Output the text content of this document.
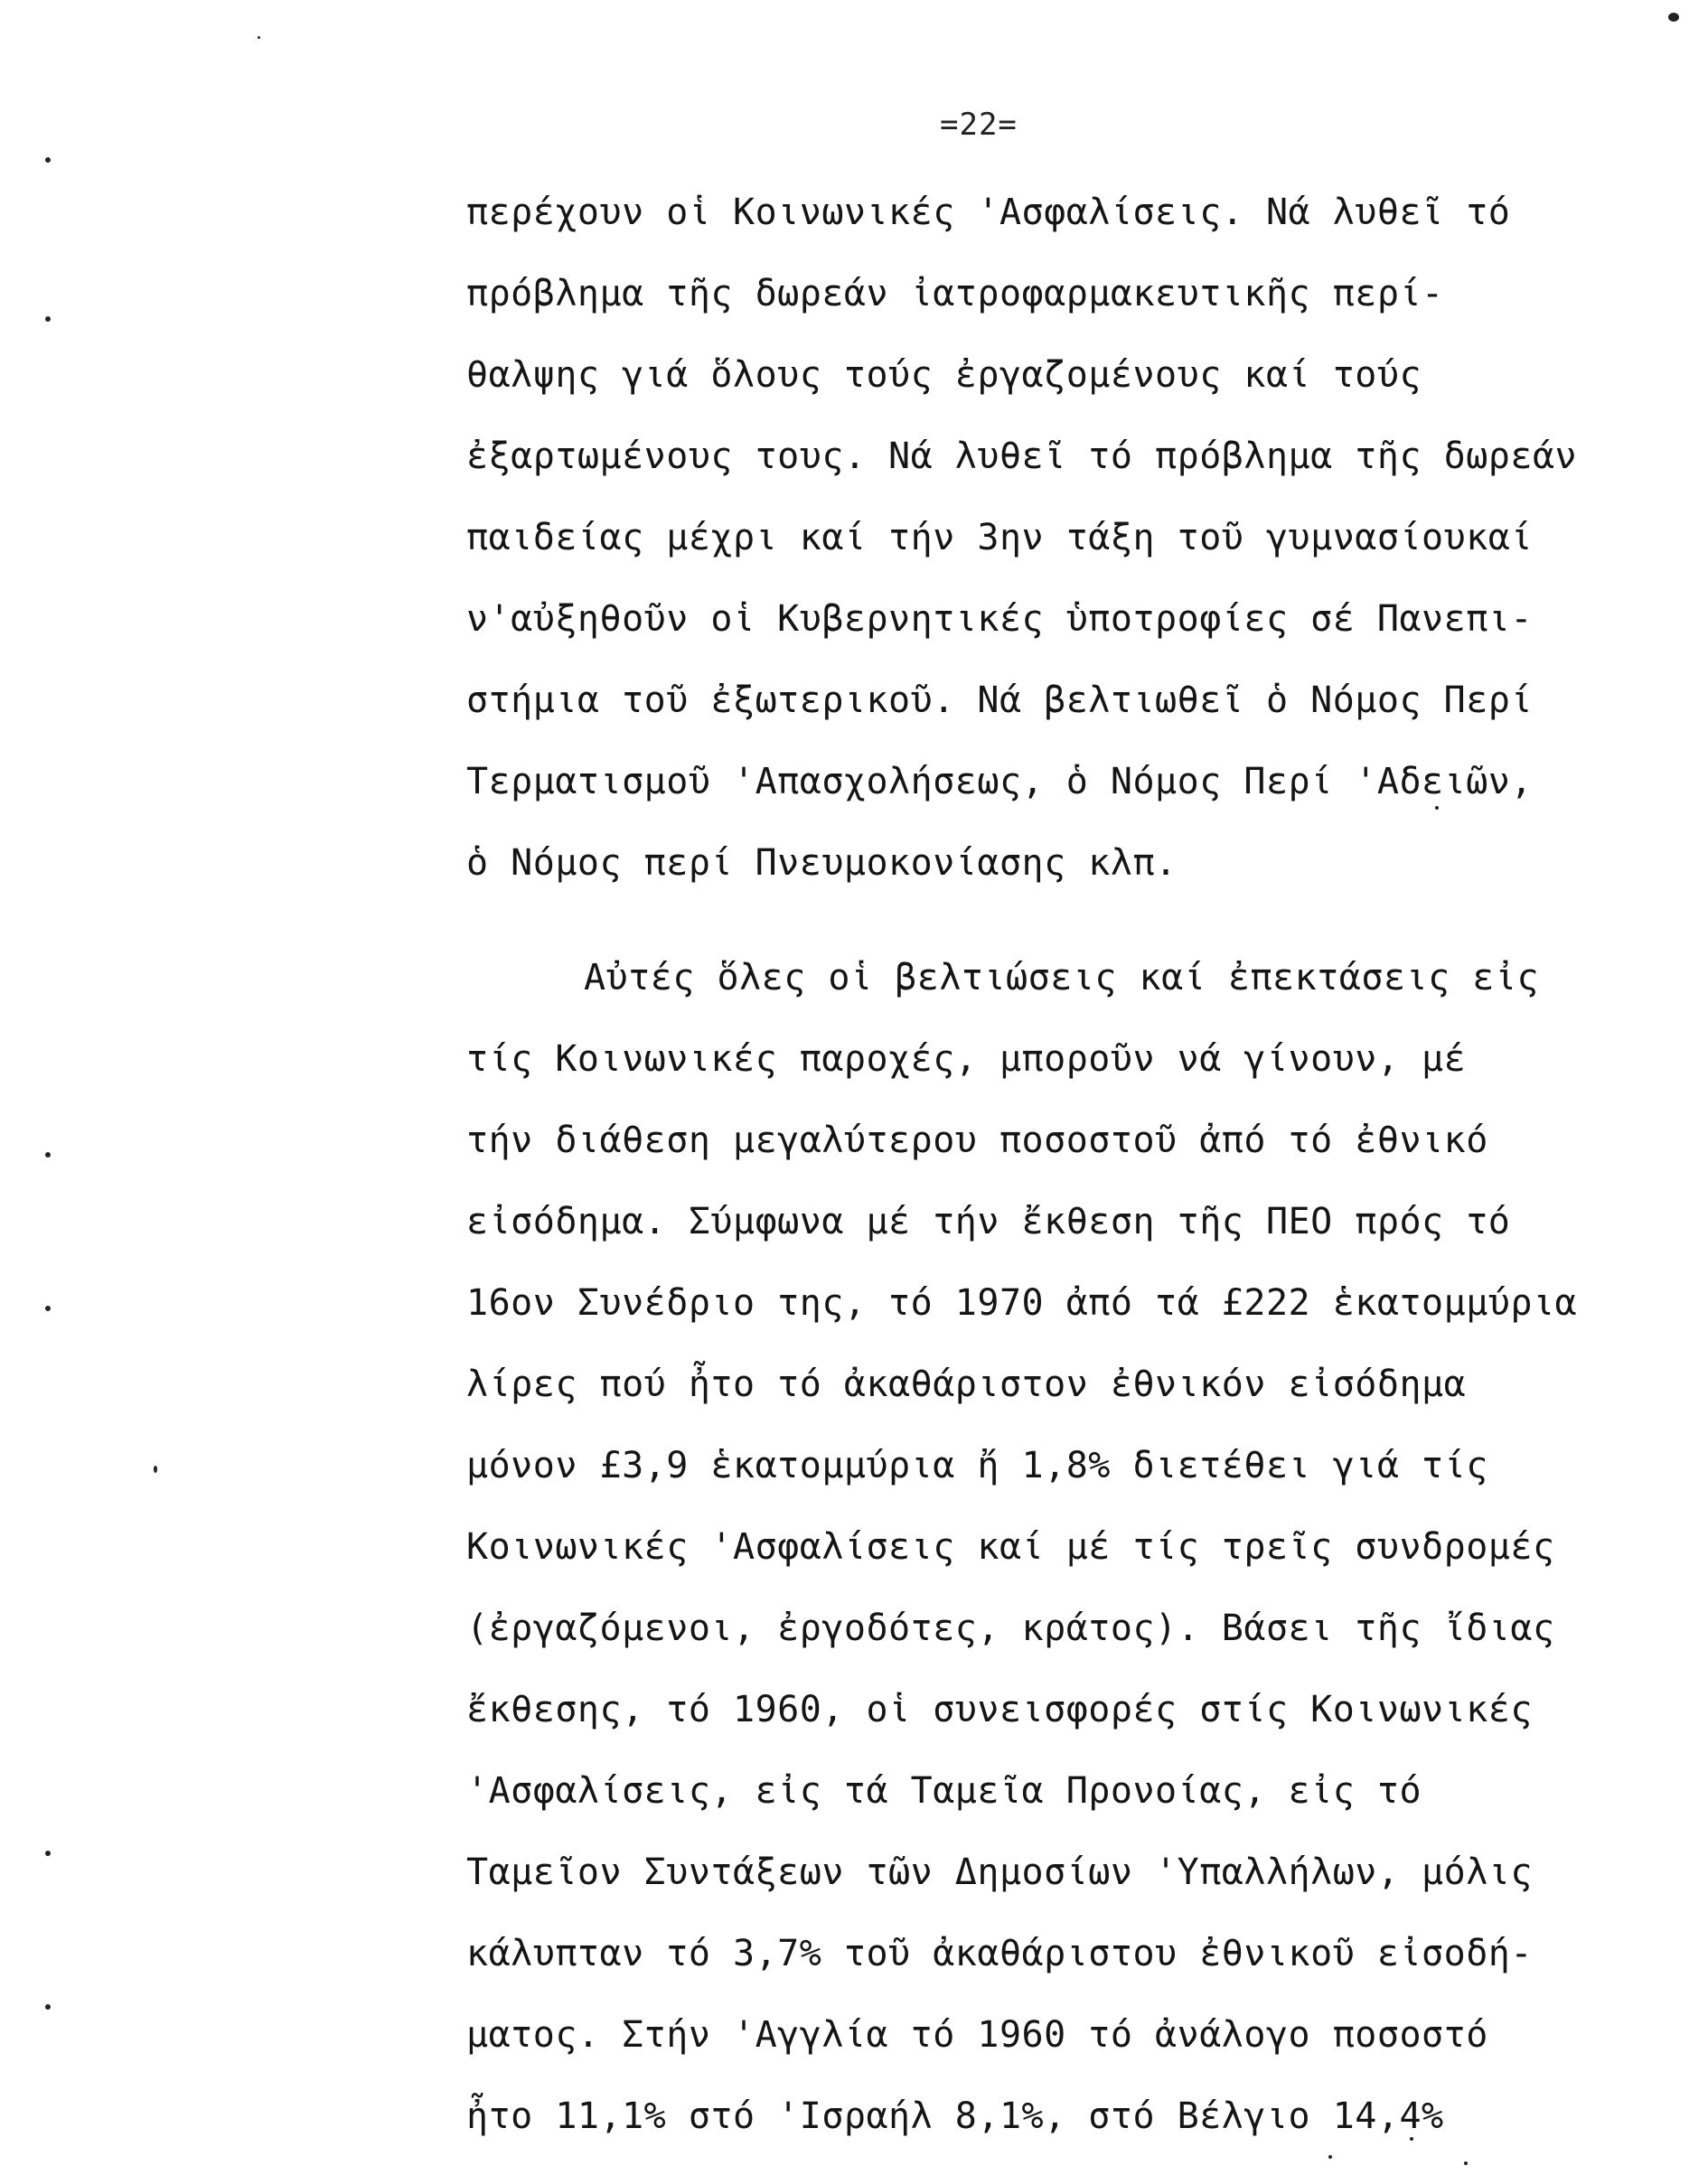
=22=
περέχουν οἱ Κοινωνικές 'Ασφαλίσεις. Νά λυθεῖ τό
πρόβλημα τῆς δωρεάν ἰατροφαρμακευτικῆς περί-
θαλψης γιά ὅλους τούς ἐργαζομένους καί τούς
ἐξαρτωμένους τους. Νά λυθεῖ τό πρόβλημα τῆς δωρεάν
παιδείας μέχρι καί τήν 3ην τάξη τοῦ γυμνασίουκαί
ν'αὐξηθοῦν οἱ Κυβερνητικές ὑποτροφίες σέ Πανεπι-
στήμια τοῦ ἐξωτερικοῦ. Νά βελτιωθεῖ ὁ Νόμος Περί
Τερματισμοῦ 'Απασχολήσεως, ὁ Νόμος Περί 'Αδειῶν,
ὁ Νόμος περί Πνευμοκονίασης κλπ.
Αὐτές ὅλες οἱ βελτιώσεις καί ἐπεκτάσεις εἰς
τίς Κοινωνικές παροχές, μποροῦν νά γίνουν, μέ
τήν διάθεση μεγαλύτερου ποσοστοῦ ἀπό τό ἐθνικό
εἰσόδημα. Σύμφωνα μέ τήν ἔκθεση τῆς ΠΕΟ πρός τό
16ον Συνέδριο της, τό 1970 ἀπό τά £222 ἑκατομμύρια
λίρες πού ἦτο τό ἀκαθάριστον ἐθνικόν εἰσόδημα
μόνον £3,9 ἑκατομμύρια ἤ 1,8% διετέθει γιά τίς
Κοινωνικές 'Ασφαλίσεις καί μέ τίς τρεῖς συνδρομές
(ἐργαζόμενοι, ἐργοδότες, κράτος). Βάσει τῆς ἴδιας
ἔκθεσης, τό 1960, οἱ συνεισφορές στίς Κοινωνικές
'Ασφαλίσεις, εἰς τά Ταμεῖα Προνοίας, εἰς τό
Ταμεῖον Συντάξεων τῶν Δημοσίων 'Υπαλλήλων, μόλις
κάλυπταν τό 3,7% τοῦ ἀκαθάριστου ἐθνικοῦ εἰσοδή-
ματος. Στήν 'Αγγλία τό 1960 τό ἀνάλογο ποσοστό
ἦτο 11,1% στό 'Ισραήλ 8,1%, στό Βέλγιο 14,4%
